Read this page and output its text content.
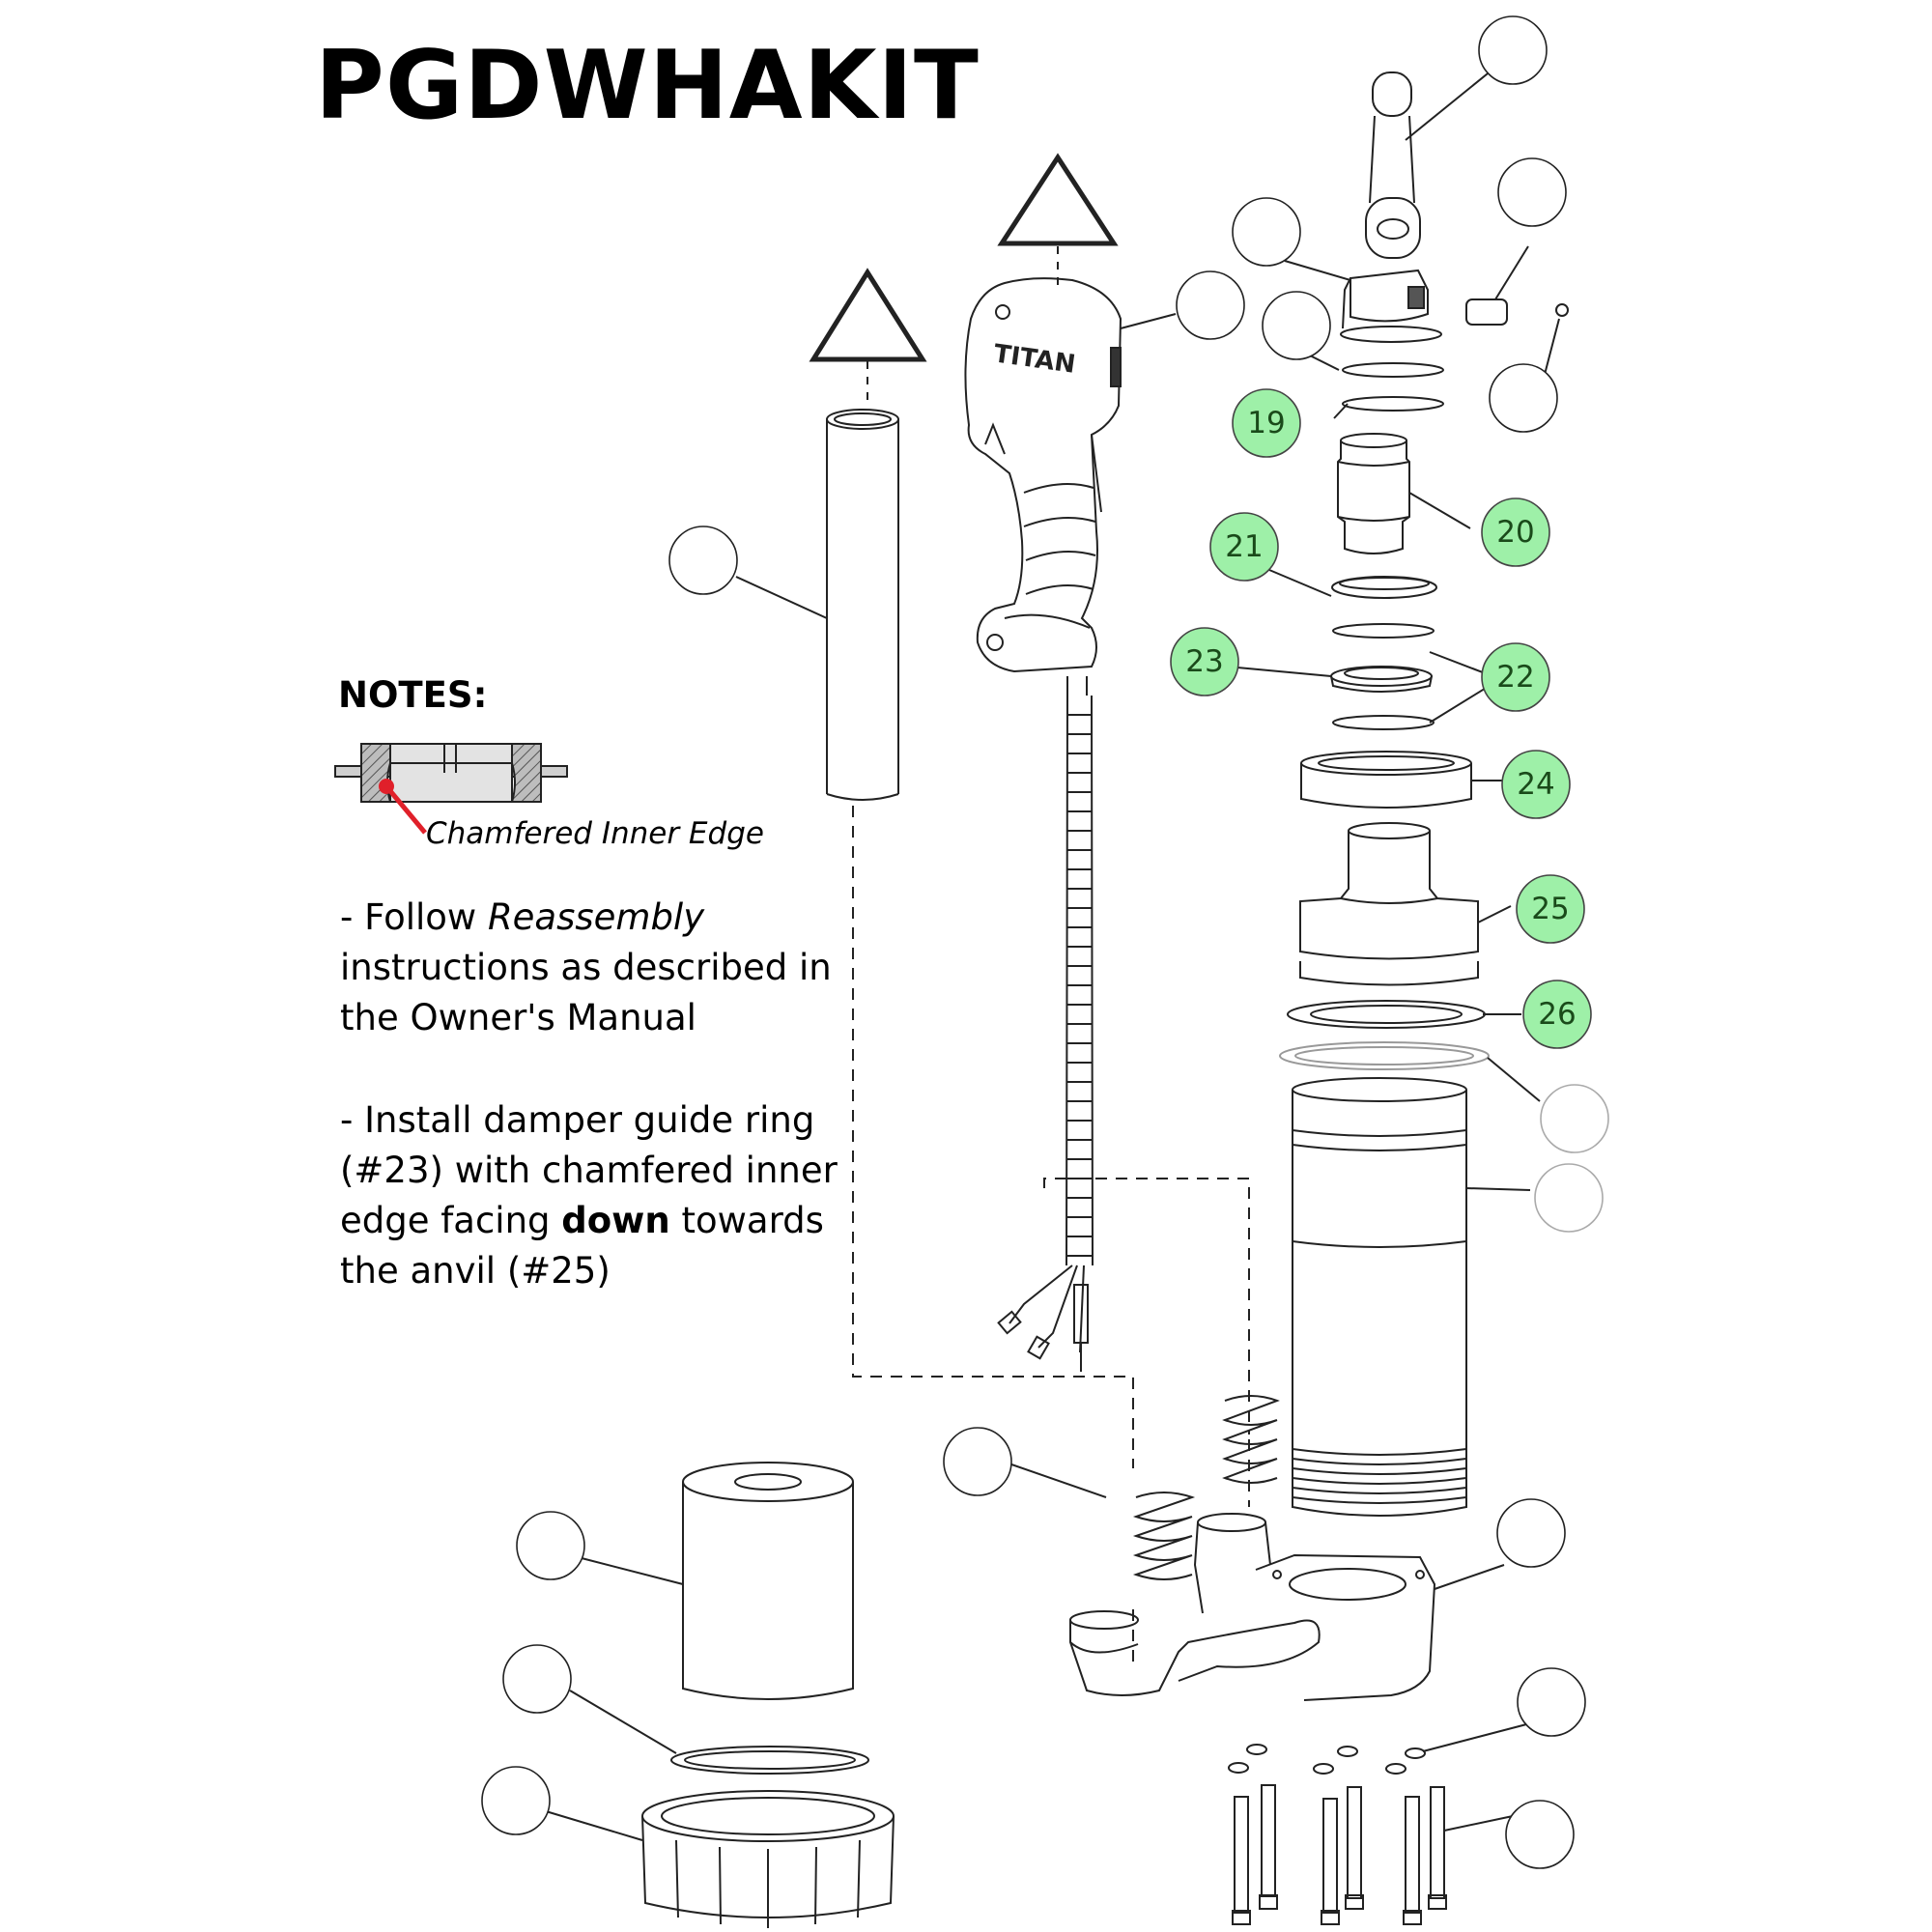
TITAN
19
20
21
22
23
24
25
26
PGDWHAKIT
NOTES:
Chamfered Inner Edge
- Follow Reassembly instructions as described in the Owner's Manual
- Install damper guide ring (#23) with chamfered inner edge facing down towards the anvil (#25)
